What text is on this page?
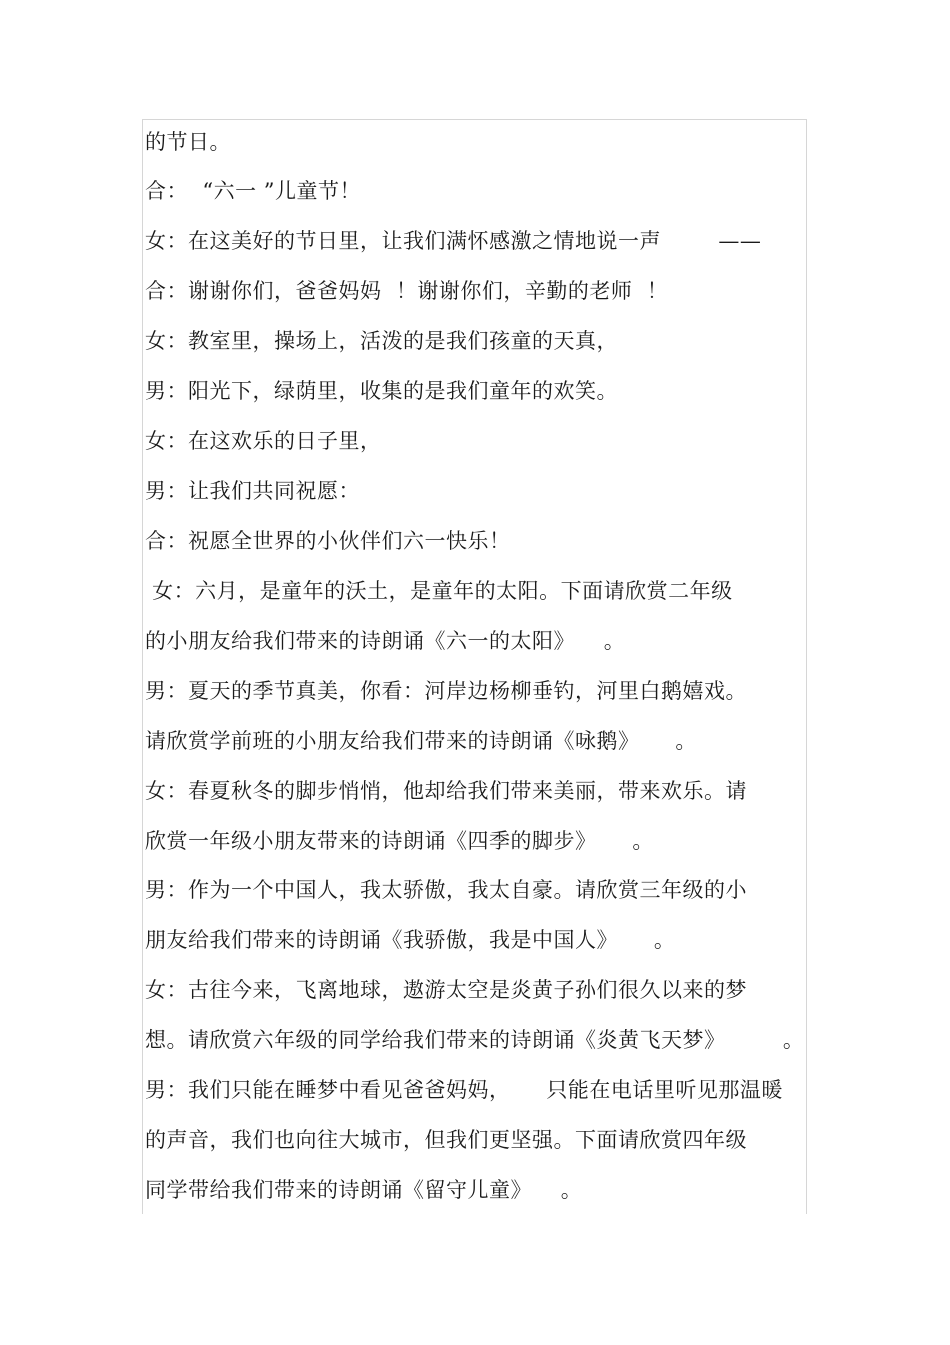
的节日。
合：  “六一 ”儿童节！
女：在这美好的节日里，让我们满怀感激之情地说一声        ——
合：谢谢你们，爸爸妈妈  ！谢谢你们，辛勤的老师  ！
女：教室里，操场上，活泼的是我们孩童的天真，
男：阳光下，绿荫里，收集的是我们童年的欢笑。
女：在这欢乐的日子里，
男：让我们共同祝愿：
合：祝愿全世界的小伙伴们六一快乐！
女：六月，是童年的沃土，是童年的太阳。下面请欣赏二年级
的小朋友给我们带来的诗朗诵《六一的太阳》    。
男：夏天的季节真美，你看：河岸边杨柳垂钓，河里白鹅嬉戏。
请欣赏学前班的小朋友给我们带来的诗朗诵《咏鹅》     。
女：春夏秋冬的脚步悄悄，他却给我们带来美丽，带来欢乐。请
欣赏一年级小朋友带来的诗朗诵《四季的脚步》     。
男：作为一个中国人，我太骄傲，我太自豪。请欣赏三年级的小
朋友给我们带来的诗朗诵《我骄傲，我是中国人》     。
女：古往今来，飞离地球，遨游太空是炎黄子孙们很久以来的梦
想。请欣赏六年级的同学给我们带来的诗朗诵《炎黄飞天梦》        。
男：我们只能在睡梦中看见爸爸妈妈，     只能在电话里听见那温暖
的声音，我们也向往大城市，但我们更坚强。下面请欣赏四年级
同学带给我们带来的诗朗诵《留守儿童》    。
